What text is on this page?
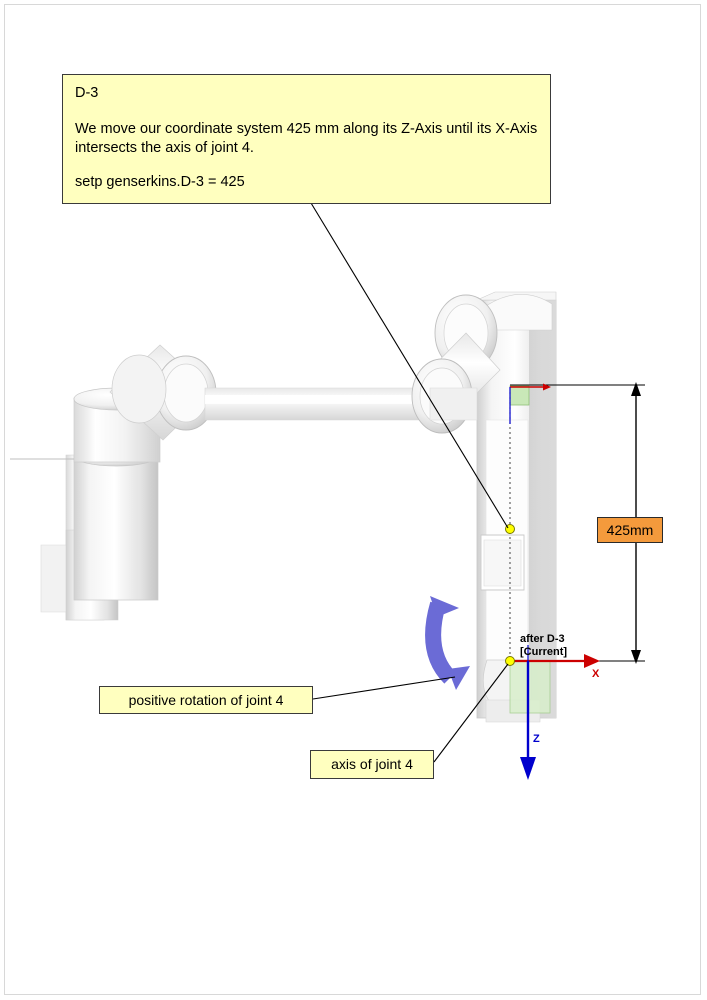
D-3

We move our coordinate system 425 mm along its Z-Axis until its X-Axis intersects the axis of joint 4.

setp genserkins.D-3 = 425

positive rotation of joint 4
axis of joint 4
425mm
after D-3
[Current]
X
Z
